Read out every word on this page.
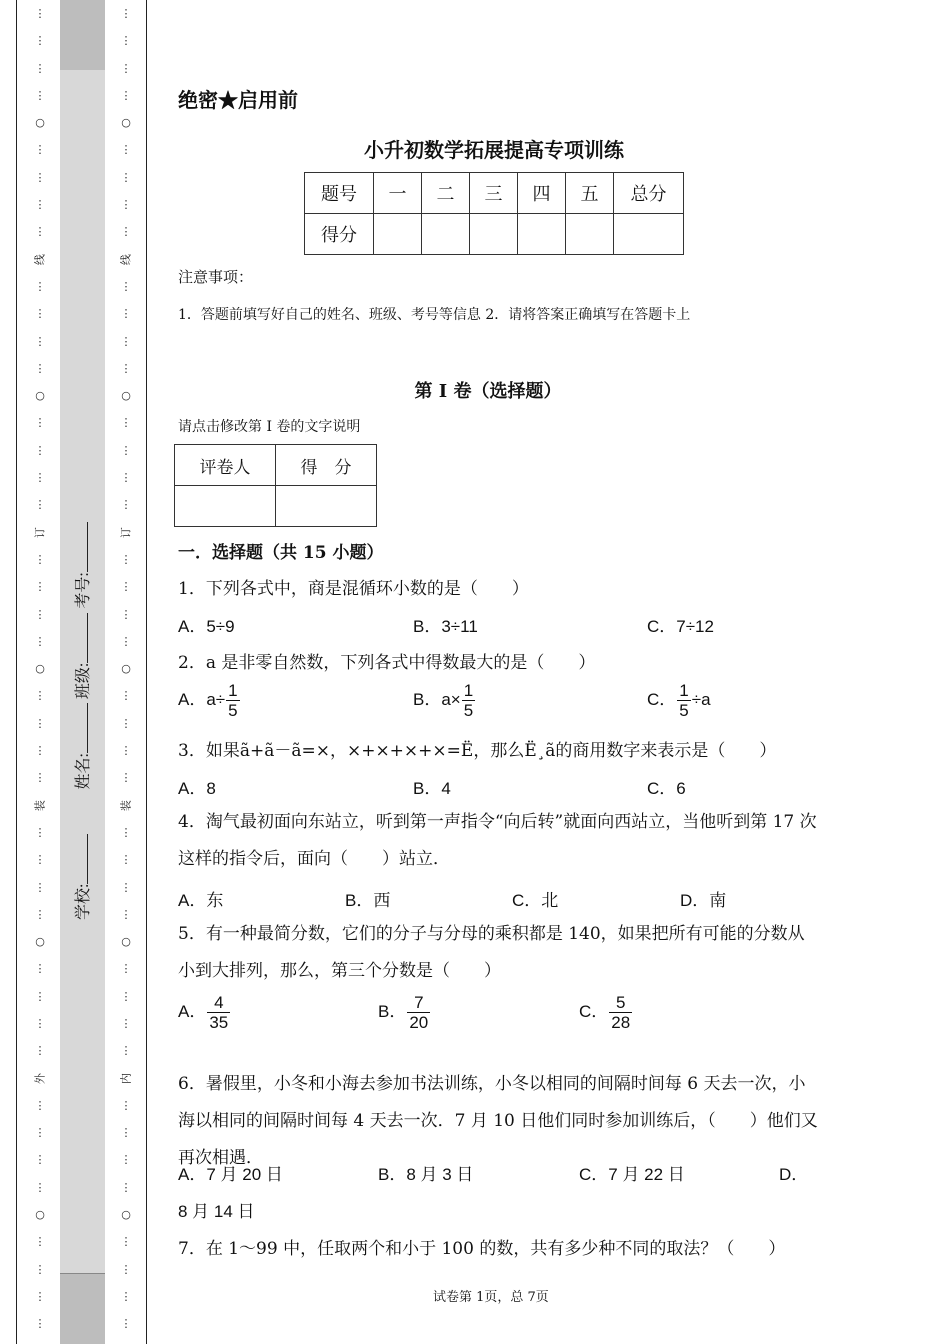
⋮
⋮
⋮
⋮
○
⋮
⋮
⋮
⋮
线
⋮
⋮
⋮
⋮
○
⋮
⋮
⋮
⋮
订
⋮
⋮
⋮
⋮
○
⋮
⋮
⋮
⋮
装
⋮
⋮
⋮
⋮
○
⋮
⋮
⋮
⋮
外
⋮
⋮
⋮
⋮
○
⋮
⋮
⋮
⋮
⋮
⋮
⋮
⋮
○
⋮
⋮
⋮
⋮
线
⋮
⋮
⋮
⋮
○
⋮
⋮
⋮
⋮
订
⋮
⋮
⋮
⋮
○
⋮
⋮
⋮
⋮
装
⋮
⋮
⋮
⋮
○
⋮
⋮
⋮
⋮
内
⋮
⋮
⋮
⋮
○
⋮
⋮
⋮
⋮
学校: 姓名: 班级: 考号:
绝密★启用前
小升初数学拓展提高专项训练
题号	一	二	三	四	五	总分
得分						
注意事项：
1．答题前填写好自己的姓名、班级、考号等信息 2．请将答案正确填写在答题卡上
第 I 卷（选择题）
请点击修改第 I 卷的文字说明
评卷人	得　分

一．选择题（共 15 小题）
1．下列各式中，商是混循环小数的是（　　）
A．5÷9	B．3÷11	C．7÷12
2．a 是非零自然数，下列各式中得数最大的是（　　）
A．$a\div \frac{1}{5}$	B．$a\times \frac{1}{5}$	C． $\frac{1}{5} \div a$
3．如果ã+ã－ã=×，×+×+×+×=Ë，那么Ë¸ã的商用数字来表示是（　　）
A．8	B．4	C．6
4．淘气最初面向东站立，听到第一声指令“向后转”就面向西站立，当他听到第 17 次这样的指令后，面向（　　）站立．
A．东	B．西	C．北	D．南
5．有一种最简分数，它们的分子与分母的乘积都是 140，如果把所有可能的分数从小到大排列，那么，第三个分数是（　　）
A． $\frac{4}{35}$	B． $\frac{7}{20}$	C． $\frac{5}{28}$
6．暑假里，小冬和小海去参加书法训练，小冬以相同的间隔时间每 6 天去一次，小海以相同的间隔时间每 4 天去一次．7 月 10 日他们同时参加训练后，（　　）他们又再次相遇．
A．7 月 20 日	B．8 月 3 日	C．7 月 22 日	D．
8 月 14 日
7．在 1～99 中，任取两个和小于 100 的数，共有多少种不同的取法？（　　）
试卷第 1页，总 7页
